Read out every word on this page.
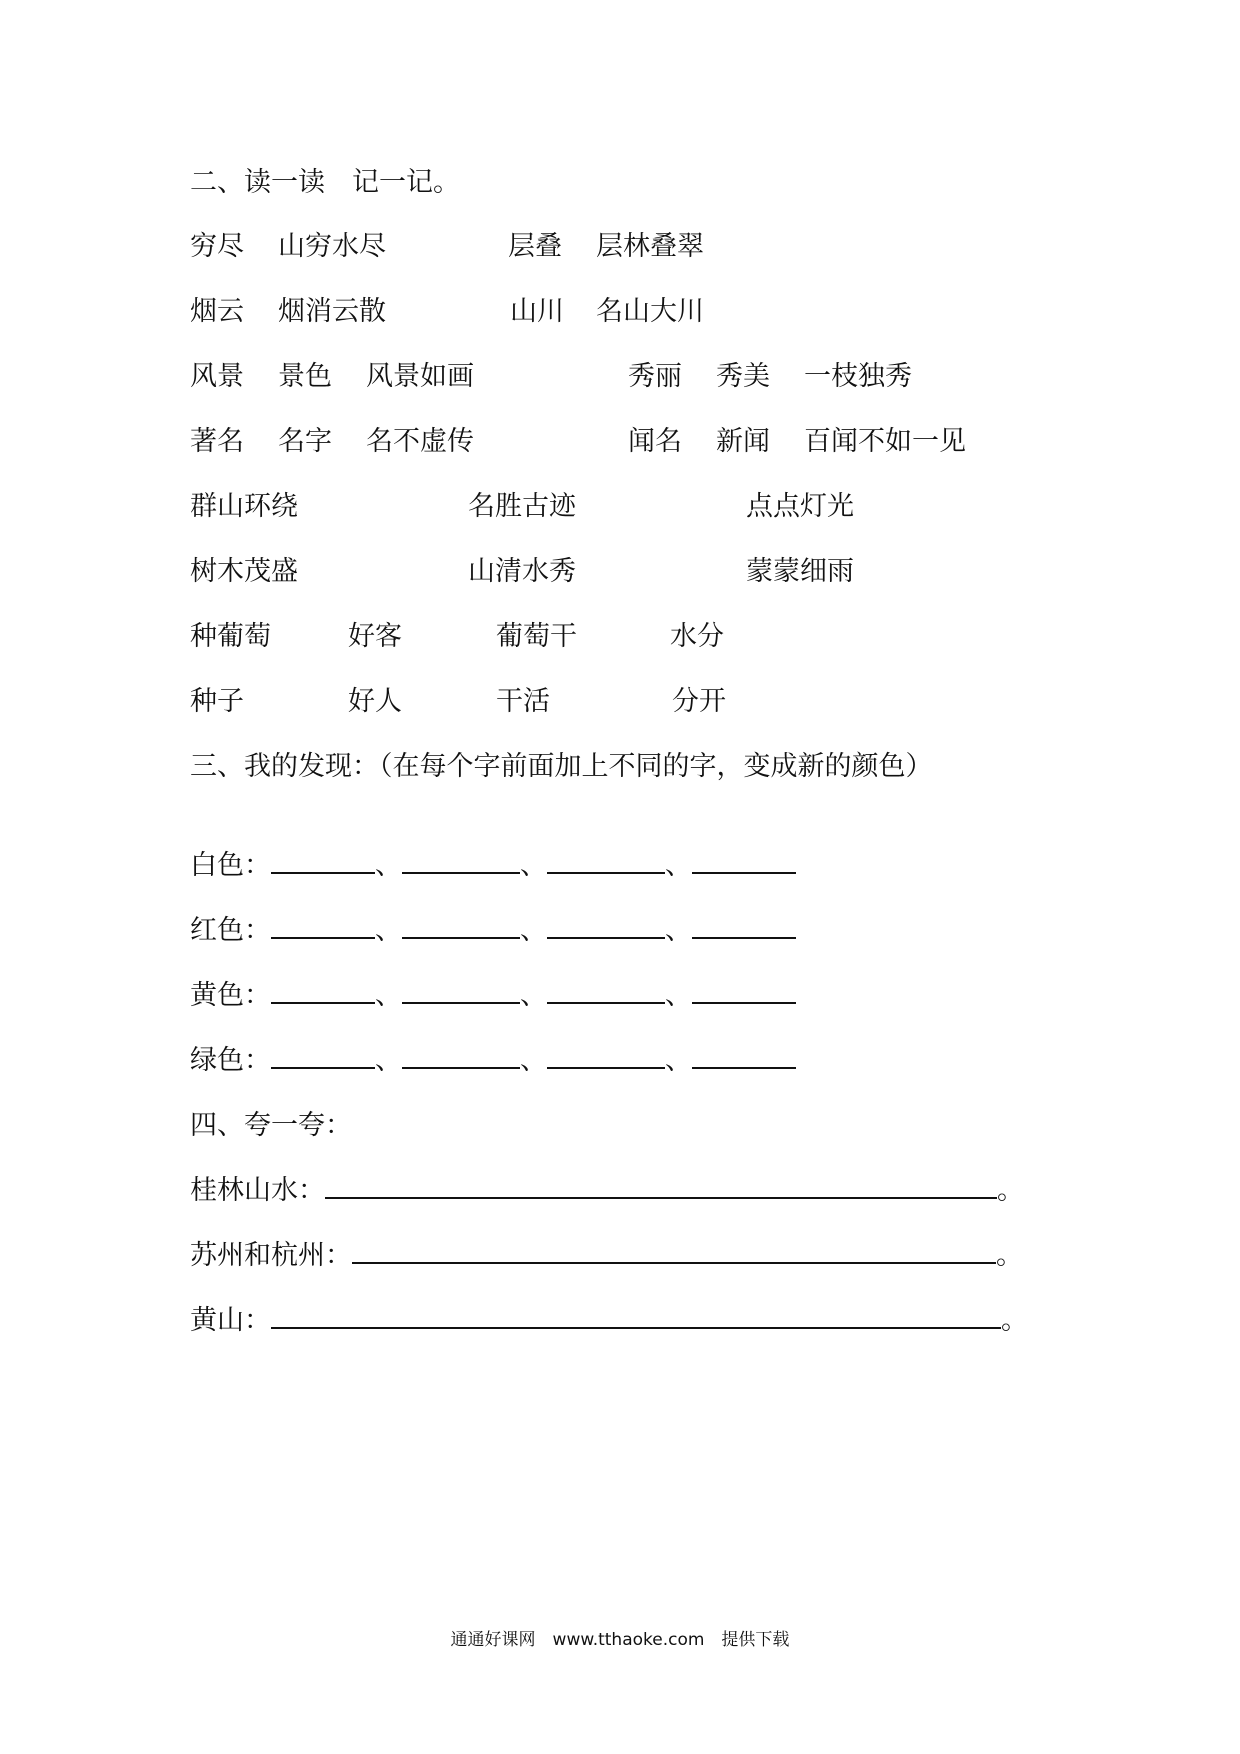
二、读一读　记一记。
穷尽 山穷水尽	层叠 层林叠翠
烟云 烟消云散	山川 名山大川
风景 景色 风景如画	秀丽 秀美 一枝独秀
著名 名字 名不虚传	闻名 新闻 百闻不如一见
群山环绕	名胜古迹	点点灯光
树木茂盛	山清水秀	蒙蒙细雨
种葡萄	好客	葡萄干	水分
种子	好人	干活	分开
三、我的发现：（在每个字前面加上不同的字，变成新的颜色）
白色：	、	、	、
红色：	、	、	、
黄色：	、	、	、
绿色：	、	、	、
四、夸一夸：
桂林山水：	。
苏州和杭州：	。
黄山：	。
通通好课网　www.tthaoke.com　提供下载
